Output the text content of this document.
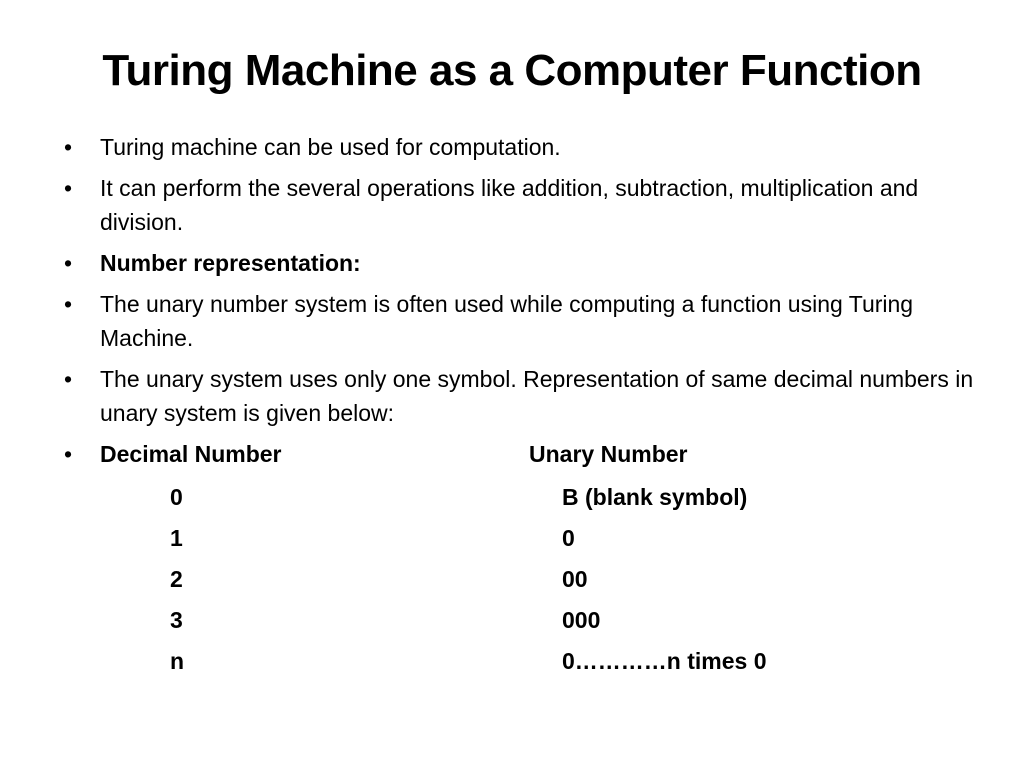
Turing Machine as a Computer Function
• Turing machine can be used for computation.
• It can perform the several operations like addition, subtraction, multiplication and division.
• Number representation:
• The unary number system is often used while computing a function using Turing Machine.
• The unary system uses only one symbol. Representation of same decimal numbers in unary system is given below:
• Decimal Number	Unary Number
0	B (blank symbol)
1	0
2	00
3	000
n	0…………n times 0
